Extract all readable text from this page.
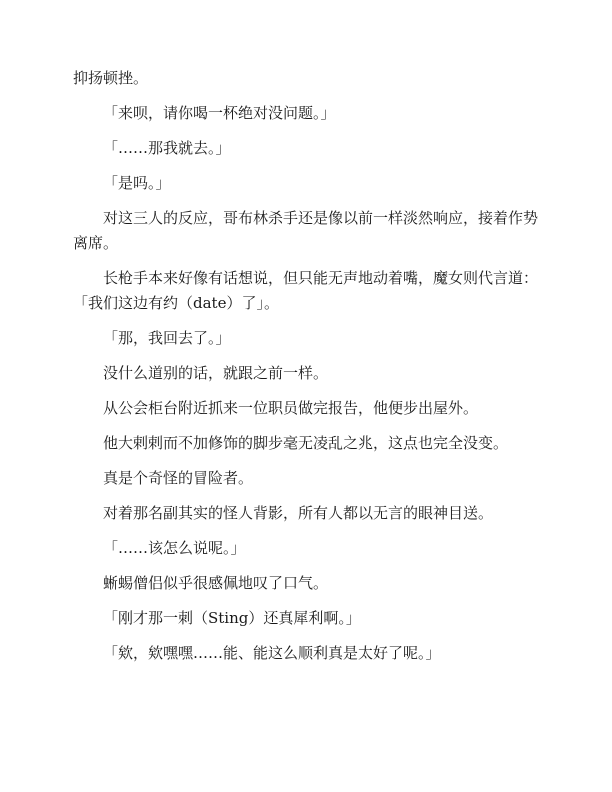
抑扬顿挫。

「来呗，请你喝一杯绝对没问题。」

「……那我就去。」

「是吗。」

对这三人的反应，哥布林杀手还是像以前一样淡然响应，接着作势离席。

长枪手本来好像有话想说，但只能无声地动着嘴，魔女则代言道：「我们这边有约（date）了」。

「那，我回去了。」

没什么道别的话，就跟之前一样。

从公会柜台附近抓来一位职员做完报告，他便步出屋外。

他大剌剌而不加修饰的脚步毫无凌乱之兆，这点也完全没变。

真是个奇怪的冒险者。

对着那名副其实的怪人背影，所有人都以无言的眼神目送。

「……该怎么说呢。」

蜥蜴僧侣似乎很感佩地叹了口气。

「刚才那一刺（Sting）还真犀利啊。」

「欸，欸嘿嘿……能、能这么顺利真是太好了呢。」
